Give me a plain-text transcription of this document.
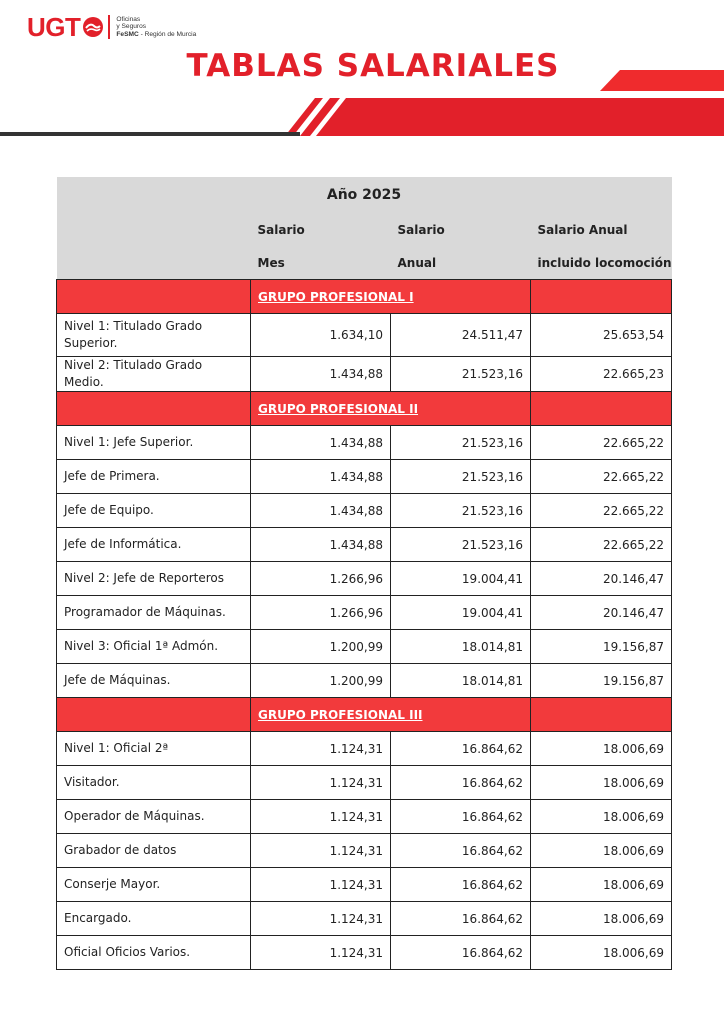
UGT	Oficinas
y Seguros
FeSMC - Región de Murcia
TABLAS SALARIALES
Año 2025			
	Salario	Salario	Salario Anual
	Mes	Anual	incluido locomoción
	GRUPO PROFESIONAL I		
Nivel 1: Titulado Grado Superior.	1.634,10	24.511,47	25.653,54
Nivel 2: Titulado Grado Medio.	1.434,88	21.523,16	22.665,23
	GRUPO PROFESIONAL II		
Nivel 1: Jefe Superior.	1.434,88	21.523,16	22.665,22
Jefe de Primera.	1.434,88	21.523,16	22.665,22
Jefe de Equipo.	1.434,88	21.523,16	22.665,22
Jefe de Informática.	1.434,88	21.523,16	22.665,22
Nivel 2: Jefe de Reporteros	1.266,96	19.004,41	20.146,47
Programador de Máquinas.	1.266,96	19.004,41	20.146,47
Nivel 3: Oficial 1ª Admón.	1.200,99	18.014,81	19.156,87
Jefe de Máquinas.	1.200,99	18.014,81	19.156,87
	GRUPO PROFESIONAL III		
Nivel 1: Oficial 2ª	1.124,31	16.864,62	18.006,69
Visitador.	1.124,31	16.864,62	18.006,69
Operador de Máquinas.	1.124,31	16.864,62	18.006,69
Grabador de datos	1.124,31	16.864,62	18.006,69
Conserje Mayor.	1.124,31	16.864,62	18.006,69
Encargado.	1.124,31	16.864,62	18.006,69
Oficial Oficios Varios.	1.124,31	16.864,62	18.006,69
